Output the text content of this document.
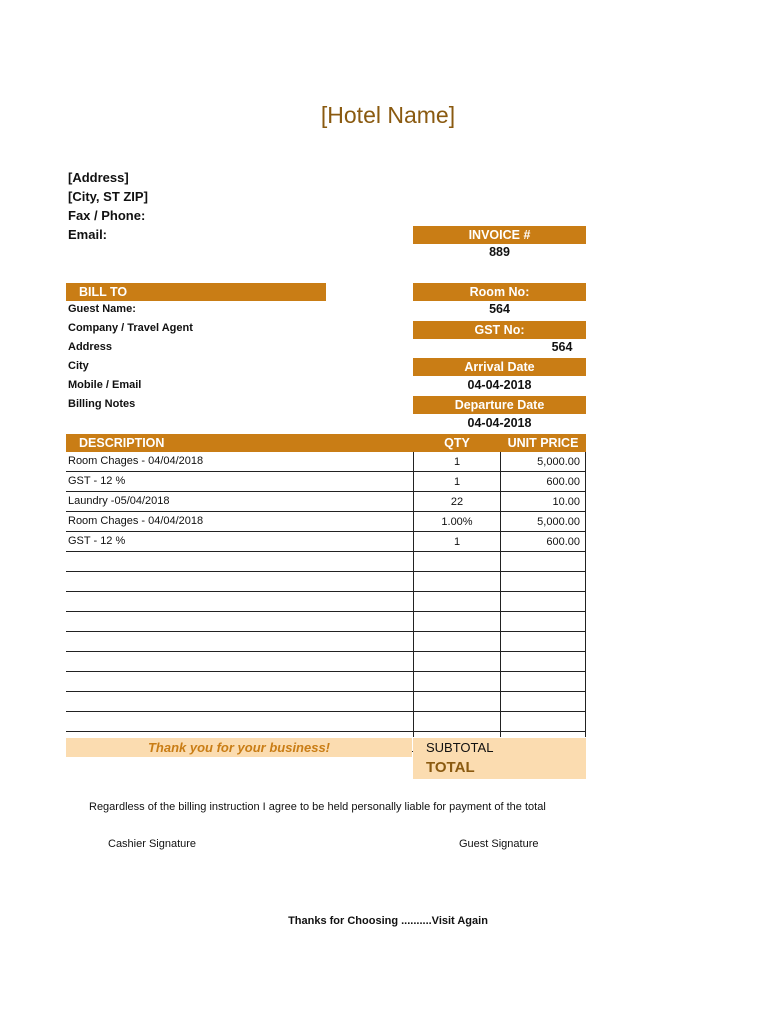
[Hotel Name]
[Address]
[City, ST ZIP]
Fax / Phone:
Email:	INVOICE #
889
BILL TO
Guest Name:
Company / Travel Agent
Address
City
Mobile / Email
Billing Notes
Room No:
564
GST No:
564
Arrival Date
04-04-2018
Departure Date
04-04-2018
DESCRIPTION	QTY	UNIT PRICE
Room Chages - 04/04/2018	1	5,000.00
GST - 12 %	1	600.00
Laundry -05/04/2018	22	10.00
Room Chages - 04/04/2018	1.00%	5,000.00
GST - 12 %	1	600.00
Thank you for your business!	SUBTOTAL
TOTAL
Regardless of the billing instruction I agree to be held personally liable for payment of the total
Cashier Signature	Guest Signature
Thanks for Choosing ..........Visit Again
